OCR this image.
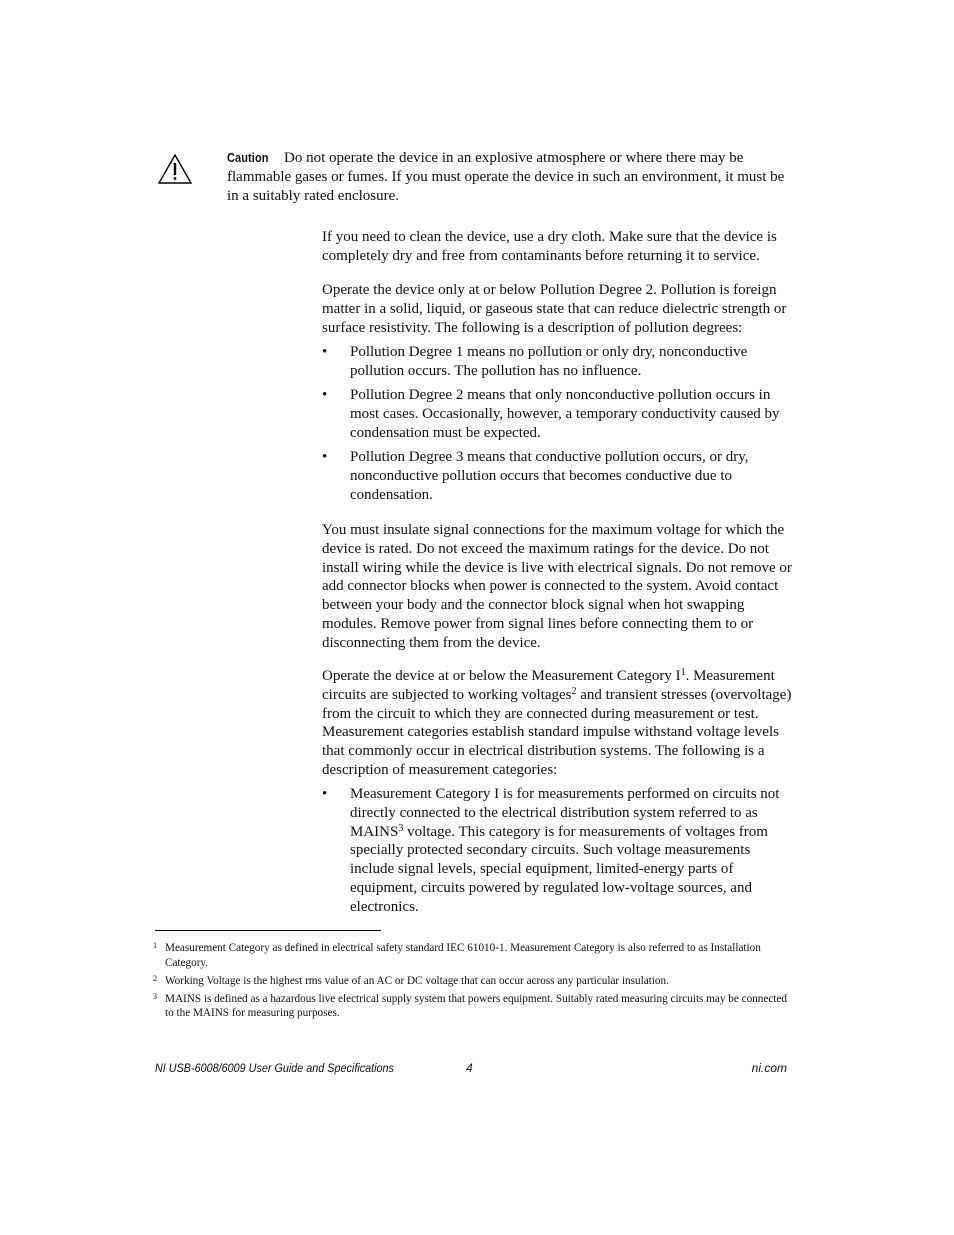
Caution Do not operate the device in an explosive atmosphere or where there may be flammable gases or fumes. If you must operate the device in such an environment, it must be in a suitably rated enclosure.

If you need to clean the device, use a dry cloth. Make sure that the device is completely dry and free from contaminants before returning it to service.

Operate the device only at or below Pollution Degree 2. Pollution is foreign matter in a solid, liquid, or gaseous state that can reduce dielectric strength or surface resistivity. The following is a description of pollution degrees:

• Pollution Degree 1 means no pollution or only dry, nonconductive pollution occurs. The pollution has no influence.
• Pollution Degree 2 means that only nonconductive pollution occurs in most cases. Occasionally, however, a temporary conductivity caused by condensation must be expected.
• Pollution Degree 3 means that conductive pollution occurs, or dry, nonconductive pollution occurs that becomes conductive due to condensation.

You must insulate signal connections for the maximum voltage for which the device is rated. Do not exceed the maximum ratings for the device. Do not install wiring while the device is live with electrical signals. Do not remove or add connector blocks when power is connected to the system. Avoid contact between your body and the connector block signal when hot swapping modules. Remove power from signal lines before connecting them to or disconnecting them from the device.

Operate the device at or below the Measurement Category $I^1$. Measurement circuits are subjected to working voltages$^2$ and transient stresses (overvoltage) from the circuit to which they are connected during measurement or test. Measurement categories establish standard impulse withstand voltage levels that commonly occur in electrical distribution systems. The following is a description of measurement categories:

• Measurement Category I is for measurements performed on circuits not directly connected to the electrical distribution system referred to as MAINS$^3$ voltage. This category is for measurements of voltages from specially protected secondary circuits. Such voltage measurements include signal levels, special equipment, limited-energy parts of equipment, circuits powered by regulated low-voltage sources, and electronics.
1 Measurement Category as defined in electrical safety standard IEC 61010-1. Measurement Category is also referred to as Installation Category.
2 Working Voltage is the highest rms value of an AC or DC voltage that can occur across any particular insulation.
3 MAINS is defined as a hazardous live electrical supply system that powers equipment. Suitably rated measuring circuits may be connected to the MAINS for measuring purposes.
NI USB-6008/6009 User Guide and Specifications	4	ni.com
